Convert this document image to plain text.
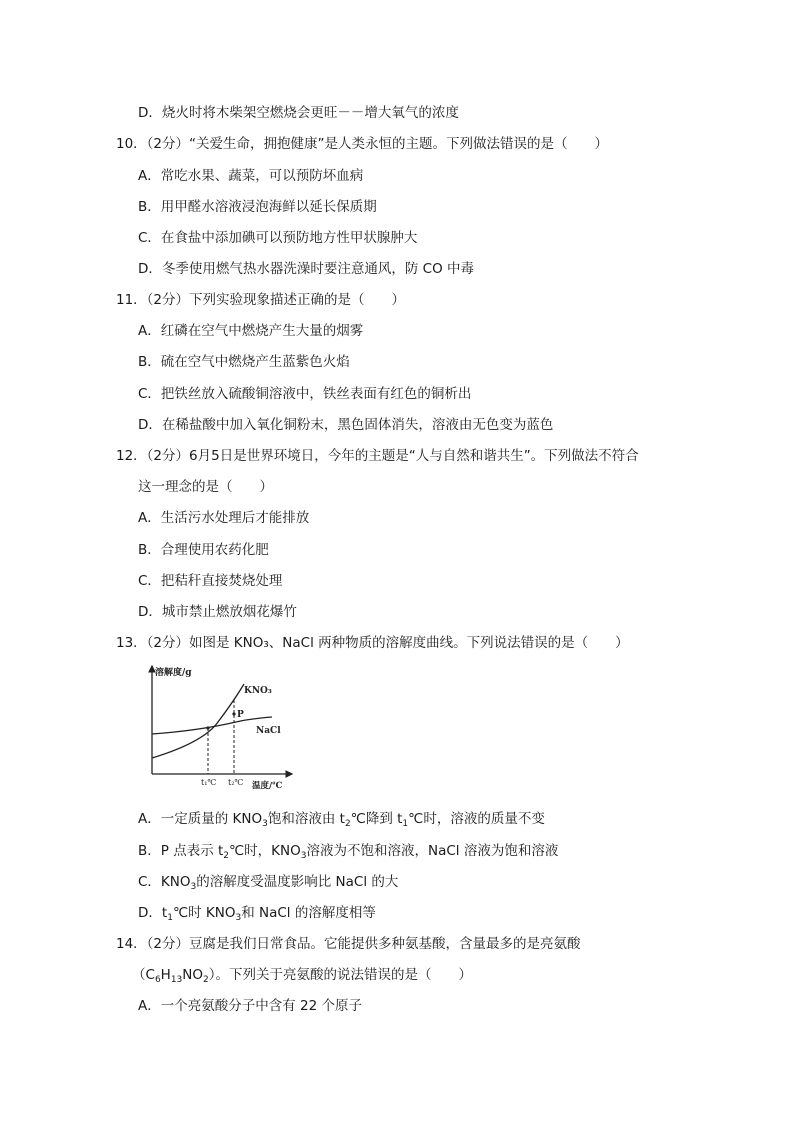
D．烧火时将木柴架空燃烧会更旺－－增大氧气的浓度
10．（2分）“关爱生命，拥抱健康”是人类永恒的主题。下列做法错误的是（　　）
A．常吃水果、蔬菜，可以预防坏血病
B．用甲醛水溶液浸泡海鲜以延长保质期
C．在食盐中添加碘可以预防地方性甲状腺肿大
D．冬季使用燃气热水器洗澡时要注意通风，防 CO 中毒
11．（2分）下列实验现象描述正确的是（　　）
A．红磷在空气中燃烧产生大量的烟雾
B．硫在空气中燃烧产生蓝紫色火焰
C．把铁丝放入硫酸铜溶液中，铁丝表面有红色的铜析出
D．在稀盐酸中加入氧化铜粉末，黑色固体消失，溶液由无色变为蓝色
12．（2分）6月5日是世界环境日，今年的主题是“人与自然和谐共生”。下列做法不符合
这一理念的是（　　）
A．生活污水处理后才能排放
B．合理使用农药化肥
C．把秸秆直接焚烧处理
D．城市禁止燃放烟花爆竹
13．（2分）如图是 KNO₃、NaCl 两种物质的溶解度曲线。下列说法错误的是（　　）
溶解度/g
温度/℃
KNO₃
NaCl
P
t₁℃ t₂℃
A．一定质量的 $KNO_3$饱和溶液由 $t_2℃$降到 $t_1℃$时，溶液的质量不变
B．P 点表示 $t_2℃$时，$KNO_3$溶液为不饱和溶液，NaCl 溶液为饱和溶液
C．$KNO_3$的溶解度受温度影响比 NaCl 的大
D．$t_1℃$时 $KNO_3$和 NaCl 的溶解度相等
14．（2分）豆腐是我们日常食品。它能提供多种氨基酸，含量最多的是亮氨酸
$(C_6H_{13}NO_2)$。下列关于亮氨酸的说法错误的是（　　）
A．一个亮氨酸分子中含有 22 个原子
